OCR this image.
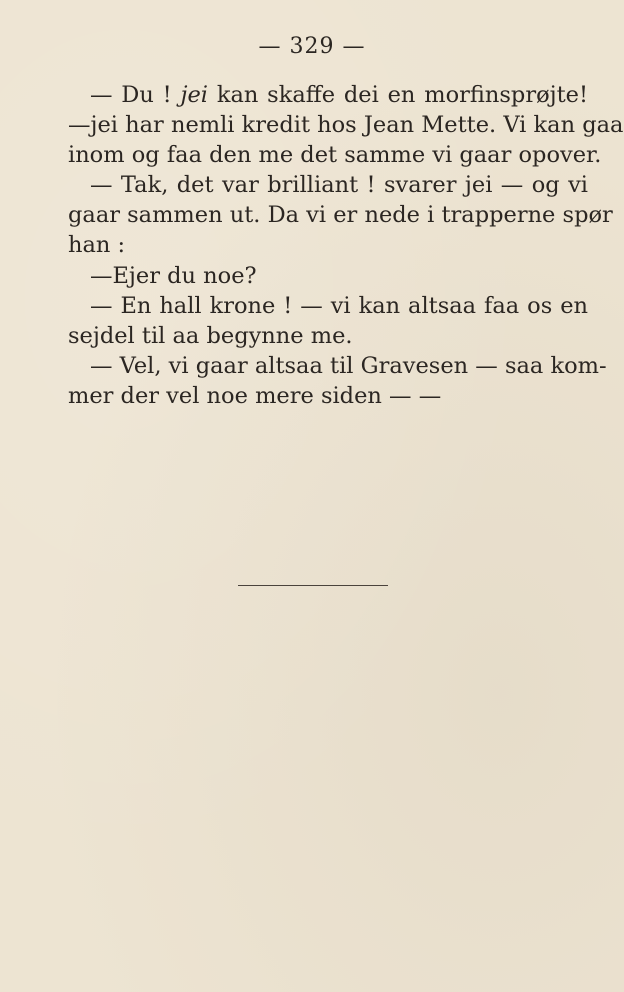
— 329 —
— Du ! jei kan skaffe dei en morfinsprøjte!
—jei har nemli kredit hos Jean Mette. Vi kan gaa
inom og faa den me det samme vi gaar opover.
— Tak, det var brilliant ! svarer jei — og vi
gaar sammen ut. Da vi er nede i trapperne spør
han :
—Ejer du noe?
— En hall krone ! — vi kan altsaa faa os en
sejdel til aa begynne me.
— Vel, vi gaar altsaa til Gravesen — saa kom-
mer der vel noe mere siden — —
